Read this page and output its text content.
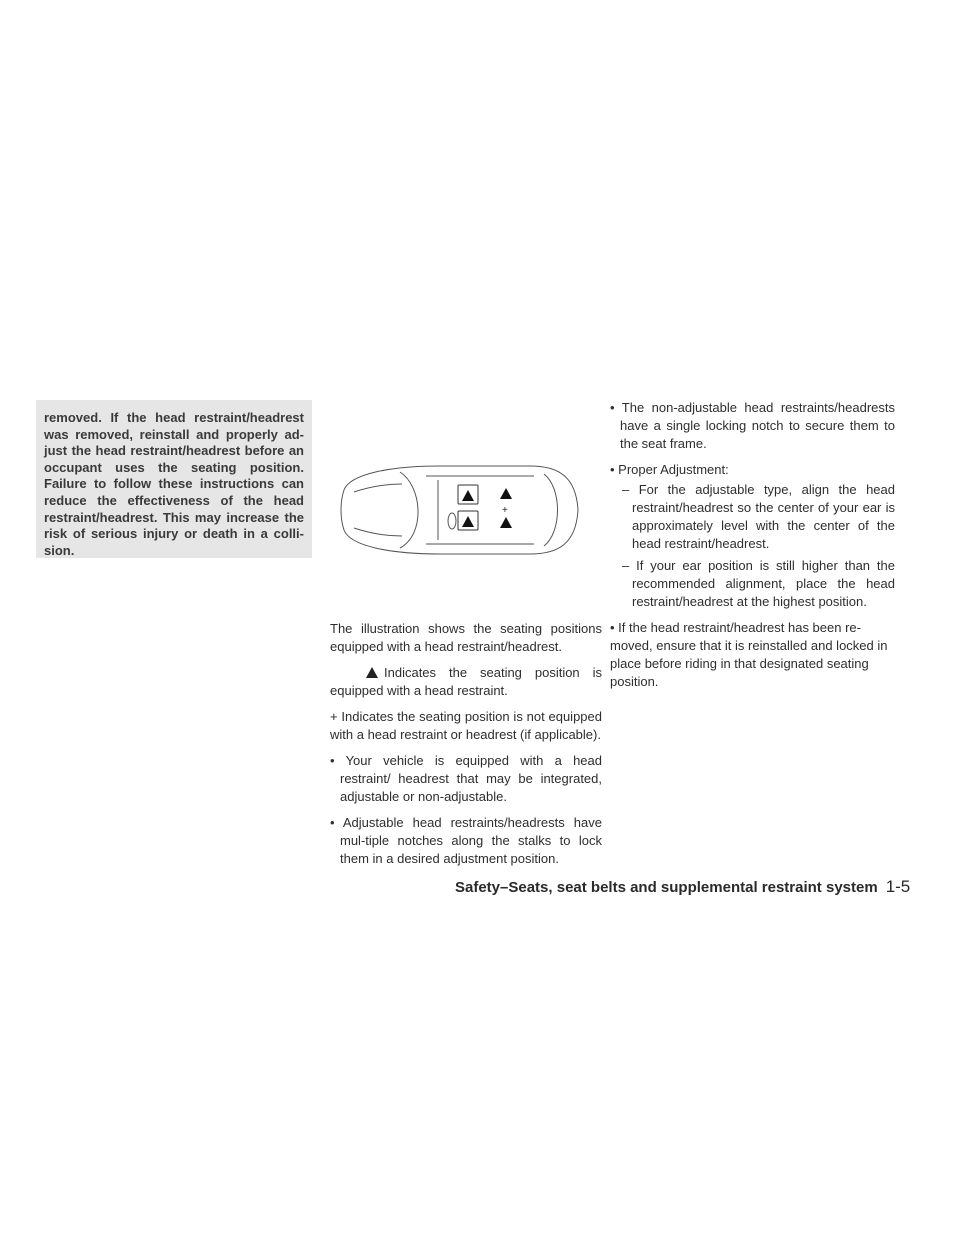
removed. If the head restraint/headrest was removed, reinstall and properly ad-just the head restraint/headrest before an occupant uses the seating position. Failure to follow these instructions can reduce the effectiveness of the head restraint/headrest. This may increase the risk of serious injury or death in a colli-sion.
+

The illustration shows the seating positions equipped with a head restraint/headrest.

Indicates the seating position is equipped with a head restraint.

+ Indicates the seating position is not equipped with a head restraint or headrest (if applicable).

• Your vehicle is equipped with a head restraint/ headrest that may be integrated, adjustable or non-adjustable.

• Adjustable head restraints/headrests have mul-tiple notches along the stalks to lock them in a desired adjustment position.

• The non-adjustable head restraints/headrests have a single locking notch to secure them to the seat frame.

• Proper Adjustment:

– For the adjustable type, align the head restraint/headrest so the center of your ear is approximately level with the center of the head restraint/headrest.

– If your ear position is still higher than the recommended alignment, place the head restraint/headrest at the highest position.

• If the head restraint/headrest has been re-moved, ensure that it is reinstalled and locked in place before riding in that designated seating position.

Safety–Seats, seat belts and supplemental restraint system 1-5
